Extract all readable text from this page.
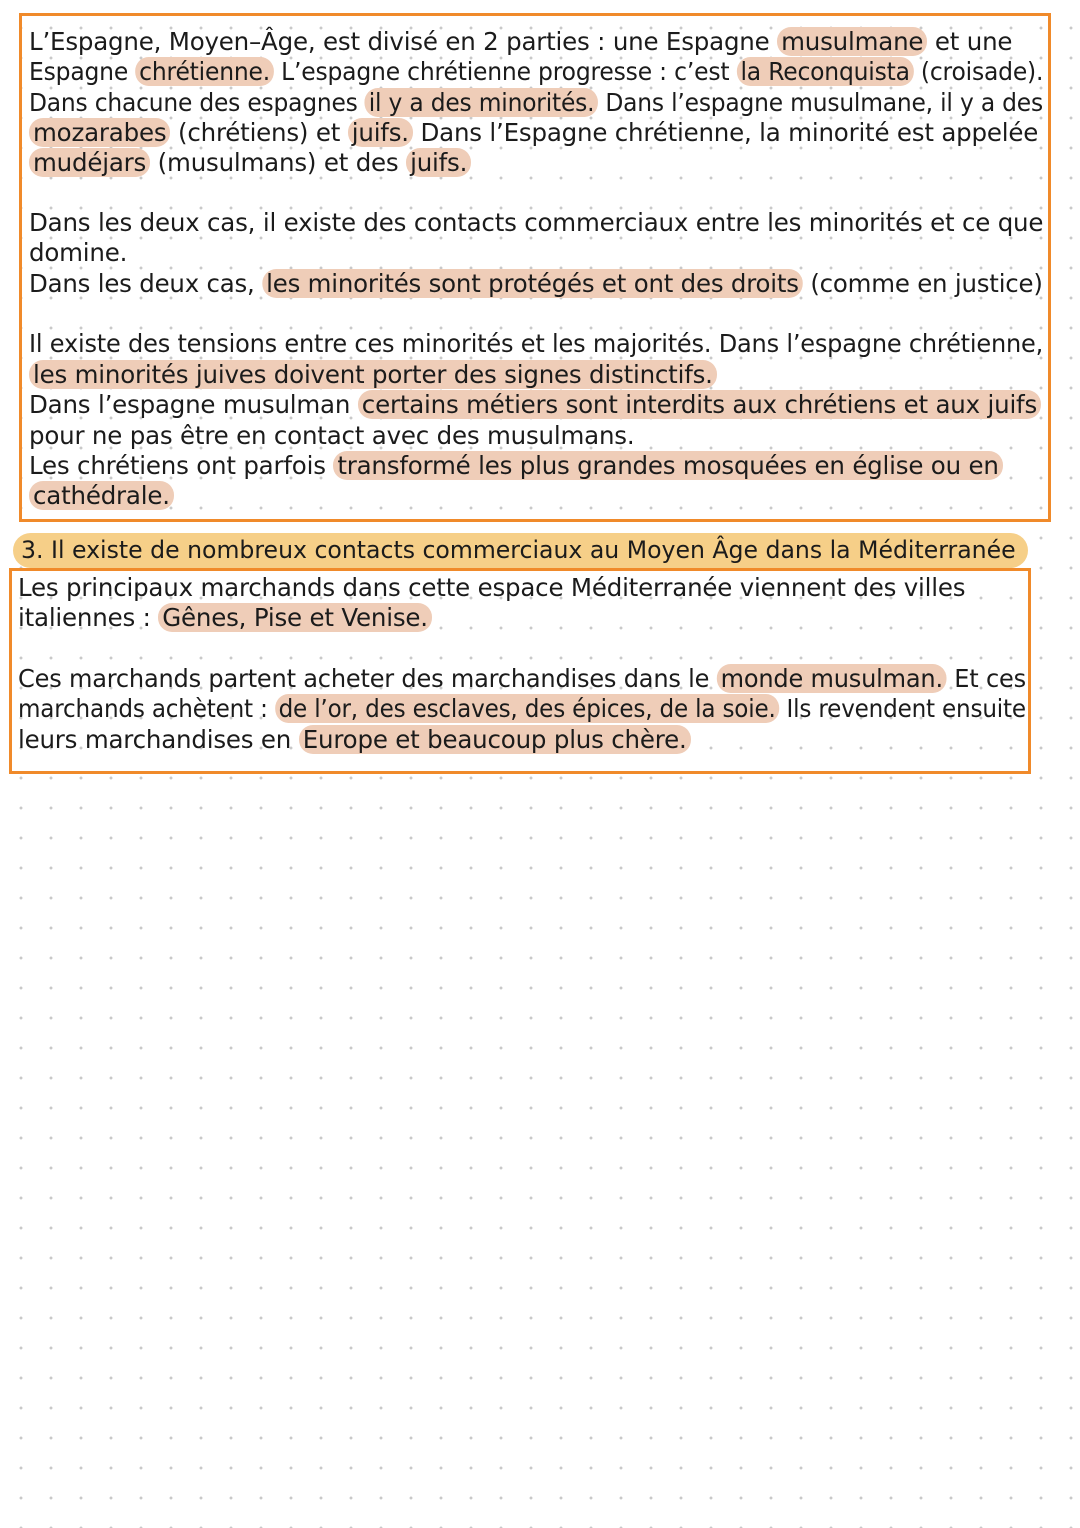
L’Espagne, Moyen–Âge, est divisé en 2 parties : une Espagne musulmane et une
Espagne chrétienne. L’espagne chrétienne progresse : c’est la Reconquista (croisade).
Dans chacune des espagnes il y a des minorités. Dans l’espagne musulmane, il y a des
mozarabes (chrétiens) et juifs. Dans l’Espagne chrétienne, la minorité est appelée
mudéjars (musulmans) et des juifs.
Dans les deux cas, il existe des contacts commerciaux entre les minorités et ce que
domine.
Dans les deux cas, les minorités sont protégés et ont des droits (comme en justice)
Il existe des tensions entre ces minorités et les majorités. Dans l’espagne chrétienne,
les minorités juives doivent porter des signes distinctifs.
Dans l’espagne musulman certains métiers sont interdits aux chrétiens et aux juifs
pour ne pas être en contact avec des musulmans.
Les chrétiens ont parfois transformé les plus grandes mosquées en église ou en
cathédrale.
3. Il existe de nombreux contacts commerciaux au Moyen Âge dans la Méditerranée
Les principaux marchands dans cette espace Méditerranée viennent des villes
italiennes : Gênes, Pise et Venise.
Ces marchands partent acheter des marchandises dans le monde musulman. Et ces
marchands achètent : de l’or, des esclaves, des épices, de la soie. Ils revendent ensuite
leurs marchandises en Europe et beaucoup plus chère.
